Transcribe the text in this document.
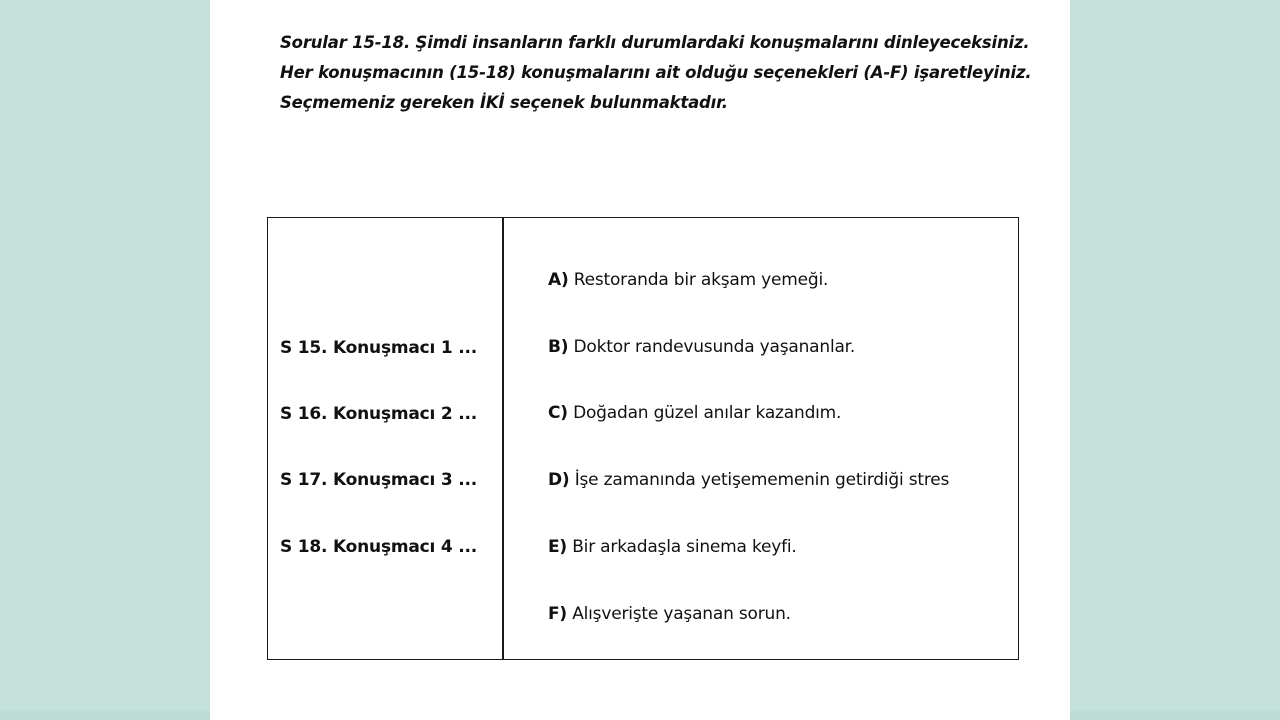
Sorular 15-18. Şimdi insanların farklı durumlardaki konuşmalarını dinleyeceksiniz.
Her konuşmacının (15-18) konuşmalarını ait olduğu seçenekleri (A-F) işaretleyiniz.
Seçmemeniz gereken İKİ seçenek bulunmaktadır.

S 15. Konuşmacı 1 ...

S 16. Konuşmacı 2 ...

S 17. Konuşmacı 3 ...

S 18. Konuşmacı 4 ...

A) Restoranda bir akşam yemeği.

B) Doktor randevusunda yaşananlar.

C) Doğadan güzel anılar kazandım.

D) İşe zamanında yetişememenin getirdiği stres

E) Bir arkadaşla sinema keyfi.

F) Alışverişte yaşanan sorun.
